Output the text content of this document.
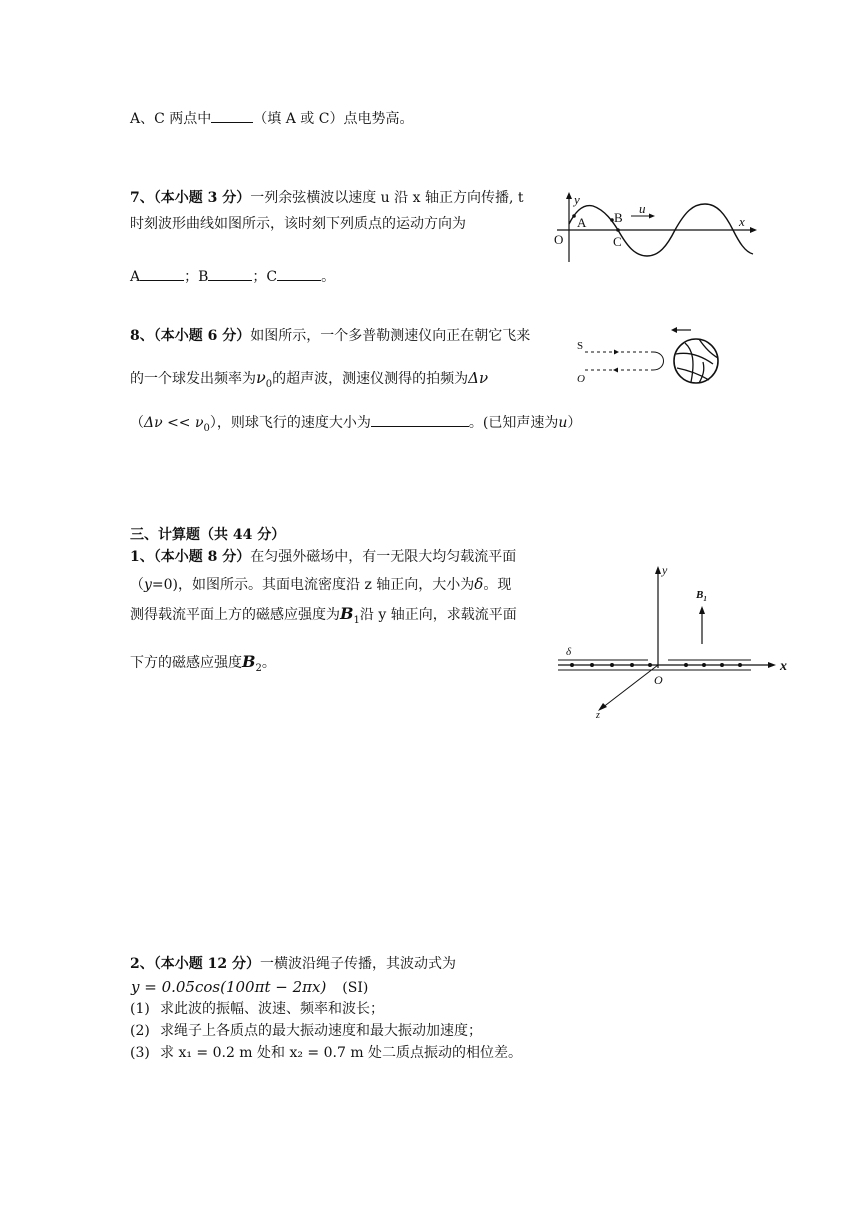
A、C 两点中	（填 A 或 C）点电势高。
7、（本小题 3 分）一列余弦横波以速度 u 沿 x 轴正方向传播, t
时刻波形曲线如图所示，该时刻下列质点的运动方向为
A	；B	；C	。
y
x
u
O
A B
C
8、（本小题 6 分）如图所示，一个多普勒测速仪向正在朝它飞来
的一个球发出频率为$\nu_0$的超声波，测速仪测得的拍频为Δν
$(\Delta\nu << \nu_0)$，则球飞行的速度大小为	。(已知声速为u）
S
O
三、计算题（共 44 分）
1、（本小题 8 分）在匀强外磁场中，有一无限大均匀载流平面
（y=0)，如图所示。其面电流密度沿 z 轴正向，大小为δ。现
测得载流平面上方的磁感应强度为$B_1$沿 y 轴正向，求载流平面
下方的磁感应强度$B_2$。
y
x
z
O
$B_1$
δ
2、（本小题 12 分）一横波沿绳子传播，其波动式为
y = 0.05cos(100πt − 2πx) (SI)
(1) 求此波的振幅、波速、频率和波长；
(2) 求绳子上各质点的最大振动速度和最大振动加速度；
(3) 求 x₁ = 0.2 m 处和 x₂ = 0.7 m 处二质点振动的相位差。
